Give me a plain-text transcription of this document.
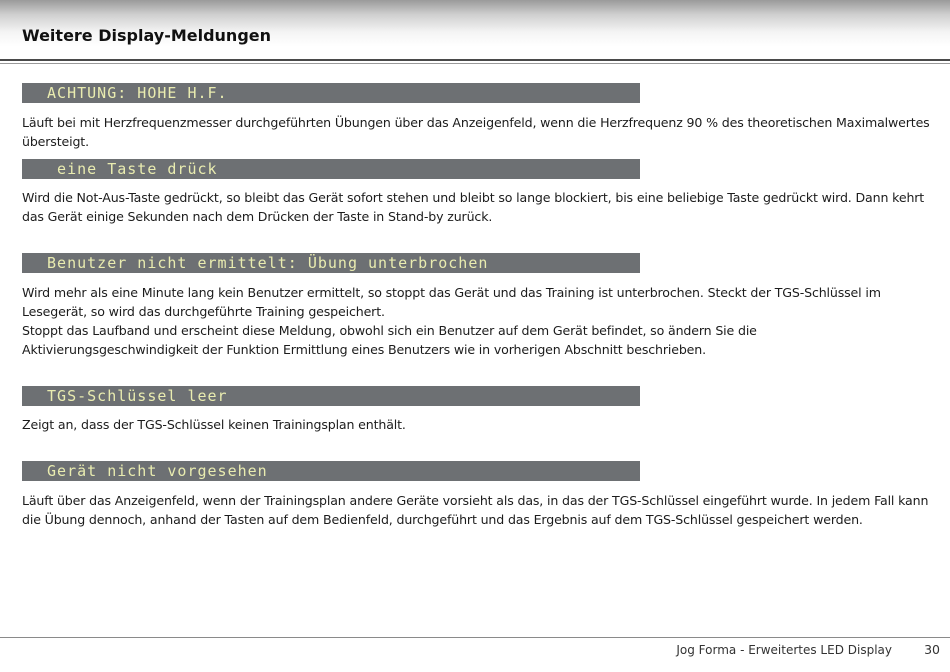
Weitere Display-Meldungen
ACHTUNG: HOHE H.F.

Läuft bei mit Herzfrequenzmesser durchgeführten Übungen über das Anzeigenfeld, wenn die Herzfrequenz 90 % des theoretischen Maximalwertes übersteigt.

eine Taste drück

Wird die Not-Aus-Taste gedrückt, so bleibt das Gerät sofort stehen und bleibt so lange blockiert, bis eine beliebige Taste gedrückt wird. Dann kehrt das Gerät einige Sekunden nach dem Drücken der Taste in Stand-by zurück.

Benutzer nicht ermittelt: Übung unterbrochen

Wird mehr als eine Minute lang kein Benutzer ermittelt, so stoppt das Gerät und das Training ist unterbrochen. Steckt der TGS-Schlüssel im Lesegerät, so wird das durchgeführte Training gespeichert.

Stoppt das Laufband und erscheint diese Meldung, obwohl sich ein Benutzer auf dem Gerät befindet, so ändern Sie die Aktivierungsgeschwindigkeit der Funktion Ermittlung eines Benutzers wie in vorherigen Abschnitt beschrieben.

TGS-Schlüssel leer

Zeigt an, dass der TGS-Schlüssel keinen Trainingsplan enthält.

Gerät nicht vorgesehen

Läuft über das Anzeigenfeld, wenn der Trainingsplan andere Geräte vorsieht als das, in das der TGS-Schlüssel eingeführt wurde. In jedem Fall kann die Übung dennoch, anhand der Tasten auf dem Bedienfeld, durchgeführt und das Ergebnis auf dem TGS-Schlüssel gespeichert werden.

Jog Forma - Erweitertes LED Display	30
